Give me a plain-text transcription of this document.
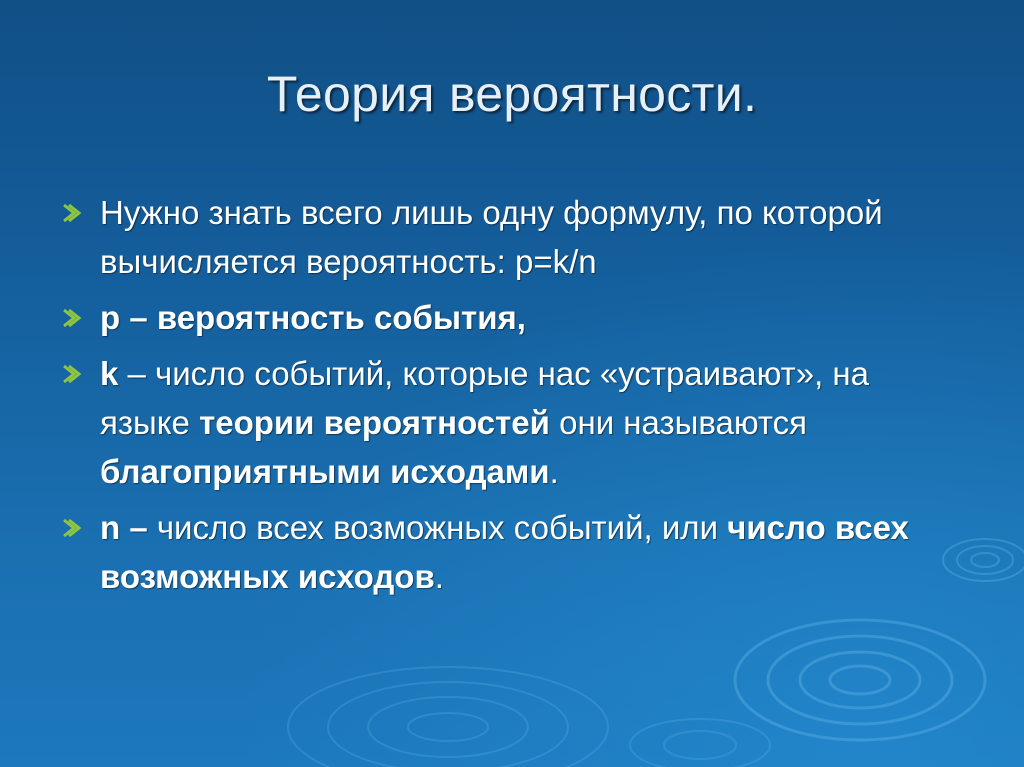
Теория вероятности.
Нужно знать всего лишь одну формулу, по которой вычисляется вероятность: p=k/n
p – вероятность события,
k – число событий, которые нас «устраивают», на языке теории вероятностей они называются благоприятными исходами.
n – число всех возможных событий, или число всех возможных исходов.
